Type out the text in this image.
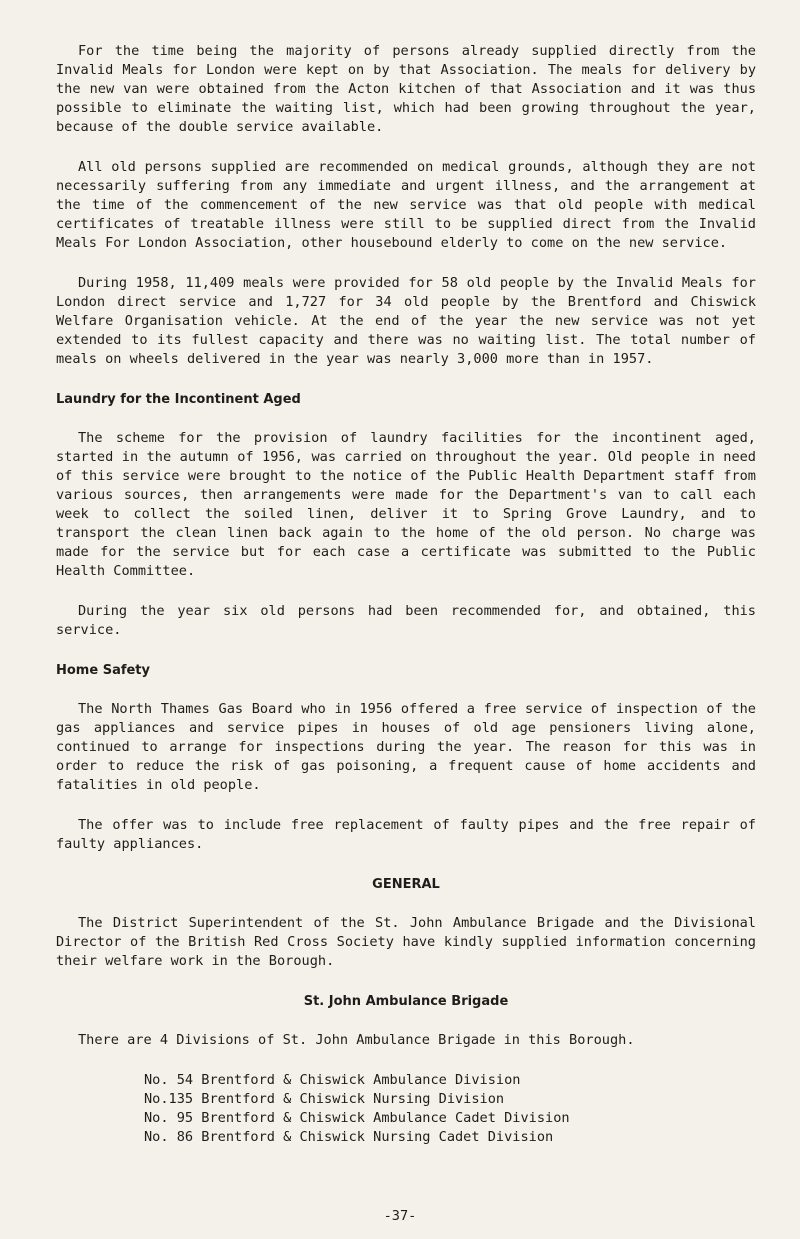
For the time being the majority of persons already supplied directly from the Invalid Meals for London were kept on by that Association. The meals for delivery by the new van were obtained from the Acton kitchen of that Association and it was thus possible to eliminate the waiting list, which had been growing throughout the year, because of the double service available.

All old persons supplied are recommended on medical grounds, although they are not necessarily suffering from any immediate and urgent illness, and the arrangement at the time of the commencement of the new service was that old people with medical certificates of treatable illness were still to be supplied direct from the Invalid Meals For London Association, other housebound elderly to come on the new service.

During 1958, 11,409 meals were provided for 58 old people by the Invalid Meals for London direct service and 1,727 for 34 old people by the Brentford and Chiswick Welfare Organisation vehicle. At the end of the year the new service was not yet extended to its fullest capacity and there was no waiting list. The total number of meals on wheels delivered in the year was nearly 3,000 more than in 1957.

Laundry for the Incontinent Aged

The scheme for the provision of laundry facilities for the incontinent aged, started in the autumn of 1956, was carried on throughout the year. Old people in need of this service were brought to the notice of the Public Health Department staff from various sources, then arrangements were made for the Department's van to call each week to collect the soiled linen, deliver it to Spring Grove Laundry, and to transport the clean linen back again to the home of the old person. No charge was made for the service but for each case a certificate was submitted to the Public Health Committee.

During the year six old persons had been recommended for, and obtained, this service.

Home Safety

The North Thames Gas Board who in 1956 offered a free service of inspection of the gas appliances and service pipes in houses of old age pensioners living alone, continued to arrange for inspections during the year. The reason for this was in order to reduce the risk of gas poisoning, a frequent cause of home accidents and fatalities in old people.

The offer was to include free replacement of faulty pipes and the free repair of faulty appliances.

GENERAL

The District Superintendent of the St. John Ambulance Brigade and the Divisional Director of the British Red Cross Society have kindly supplied information concerning their welfare work in the Borough.

St. John Ambulance Brigade

There are 4 Divisions of St. John Ambulance Brigade in this Borough.

No. 54 Brentford & Chiswick Ambulance Division
No.135 Brentford & Chiswick Nursing Division
No. 95 Brentford & Chiswick Ambulance Cadet Division
No. 86 Brentford & Chiswick Nursing Cadet Division
-37-
